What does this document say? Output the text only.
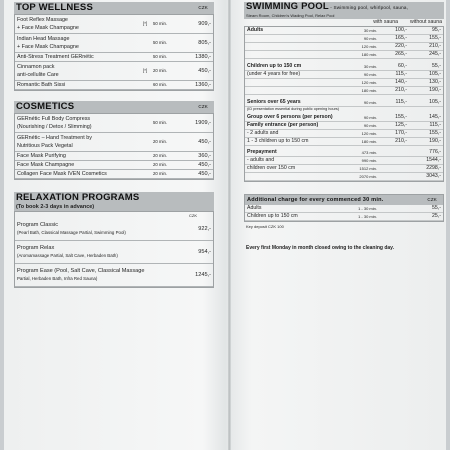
TOP WELLNESS	CZK
Foot Reflex Massage
+ Face Mask Champagne
[*]	50 min.	909,-
Indian Head Massage
+ Face Mask Champagne
50 min.	805,-
Anti-Stress Treatment GERnétic	50 min.	1380,-
Cinnamon pack
anti-cellulite Care
[*]	20 min.	450,-
Romantic Bath Sissi	60 min.	1360,-
COSMETICS	CZK
GERnétic Full Body Compress
(Nourishing / Detox / Slimming)
50 min.	1909,-
GERnétic – Hand Treatment by
Nutritious Pack Vegetal
20 min.	450,-
Face Mask Purifying	20 min.	360,-
Face Mask Champagne	20 min.	450,-
Collagen Face Mask IVEN Cosmetics	20 min.	450,-
RELAXATION PROGRAMS
(To book 2-3 days in advance)
CZK
Program Classic
(Pearl Bath, Classical Massage Partial, Swimming Pool)
922,-
Program Relax
(Aromamassage Partial, Salt Cave, Herbaden Bath)
954,-
Program Ease (Pool, Salt Cave, Classical Massage
Partial, Herbaden Bath, Infra Red Sauna)
1245,-
SWIMMING POOL - Swimming pool, whirlpool, sauna,
Steam Room, Children's Wading Pool, Relax Pool
with sauna	without sauna
Adults	30 min.	100,-	95,-
90 min.	165,-	155,-
120 min.	220,-	210,-
180 min.	265,-	245,-
Children up to 150 cm	30 min.	60,-	55,-
(under 4 years for free)	90 min.	115,-	105,-
120 min.	140,-	130,-
180 min.	210,-	190,-
Seniors over 65 years	90 min.	115,-	105,-
(ID presentation essential during public opening hours)
Group over 6 persons (per person)	90 min.	155,-	145,-
Family entrance (per person)	90 min.	125,-	115,-
- 2 adults and	120 min.	170,-	155,-
1 - 3 children up to 150 cm	180 min.	210,-	190,-
Prepayment	473 min.	776,-
- adults and	990 min.	1544,-
children over 150 cm	1512 min.	2298,-
2070 min.	3043,-
Additional charge for every commenced 30 min.	CZK
Adults	1 - 30 min.	55,-
Children up to 150 cm	1 - 30 min.	25,-
Key deposit CZK 100
Every first Monday in month closed owing to the cleaning day.
